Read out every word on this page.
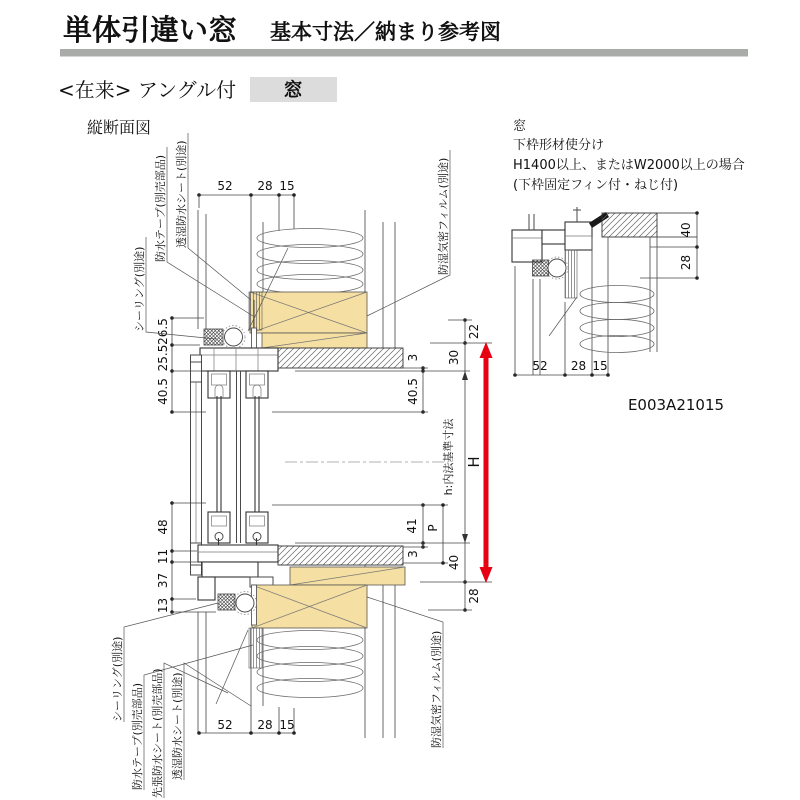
単体引違い窓 基本寸法／納まり参考図
<在来> アングル付 窓
縦断面図
52 28 15
52 28 15
26.5
25.5
40.5
48
11
37
13
3
40.5
41
3
P
22
30
40
28
h:内法基準寸法 H
シーリング(別途)
防水テープ(別売部品) 透湿防水シート(別途)	防湿気密フィルム(別途)
シーリング(別途)
防水テープ(別売部品) 先張防水シート(別売部品) 透湿防水シート(別途)	防湿気密フィルム(別途)
窓
下枠形材使分け
H1400以上、またはW2000以上の場合
(下枠固定フィン付・ねじ付)
40
28
52 28 15
E003A21015
